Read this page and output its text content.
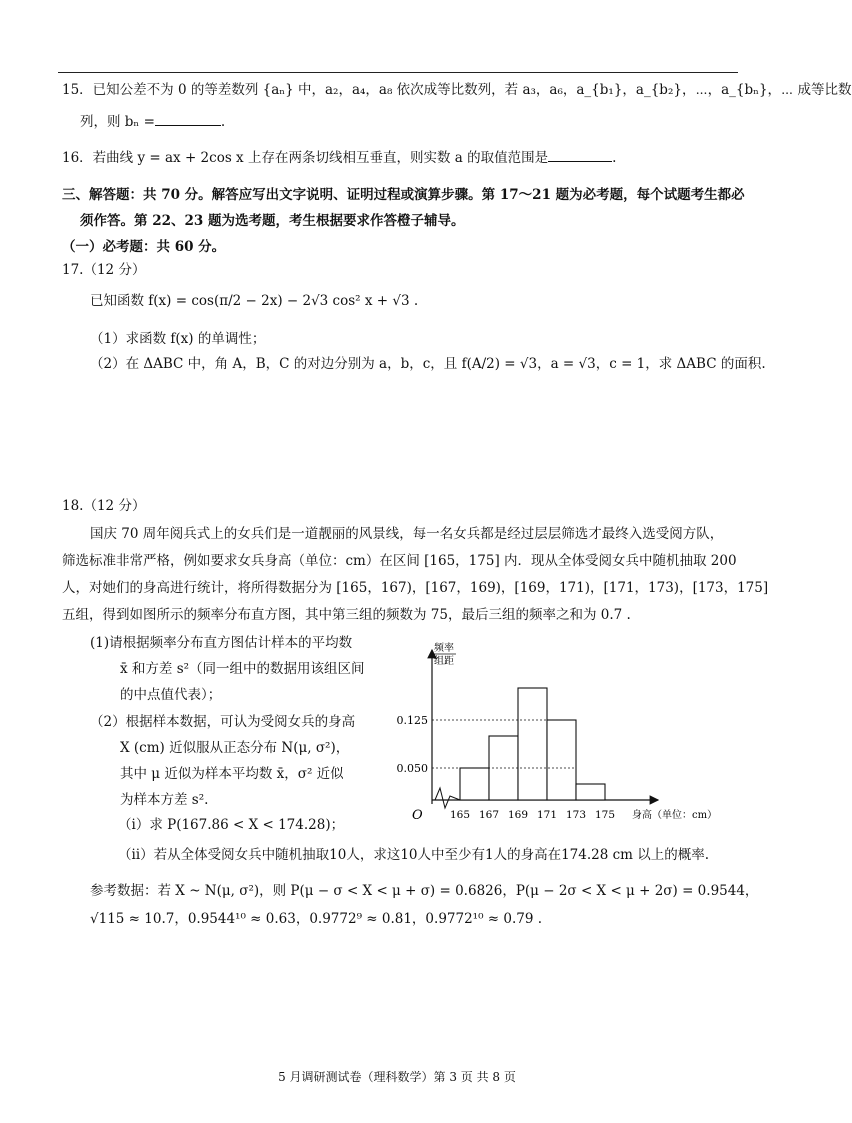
15．已知公差不为 0 的等差数列 {aₙ} 中，a₂，a₄，a₈ 依次成等比数列，若 a₃，a₆，a_{b₁}，a_{b₂}，⋯，a_{bₙ}，⋯ 成等比数
列，则 bₙ =	.
16．若曲线 y = ax + 2cos x 上存在两条切线相互垂直，则实数 a 的取值范围是	.
三、解答题：共 70 分。解答应写出文字说明、证明过程或演算步骤。第 17～21 题为必考题，每个试题考生都必
须作答。第 22、23 题为选考题，考生根据要求作答橙子辅导。
（一）必考题：共 60 分。
17.（12 分）
已知函数 f(x) = cos(π/2 − 2x) − 2√3 cos² x + √3 .
（1）求函数 f(x) 的单调性；
（2）在 ΔABC 中，角 A，B，C 的对边分别为 a，b，c，且 f(A/2) = √3，a = √3，c = 1，求 ΔABC 的面积.
18.（12 分）
国庆 70 周年阅兵式上的女兵们是一道靓丽的风景线，每一名女兵都是经过层层筛选才最终入选受阅方队，
筛选标准非常严格，例如要求女兵身高（单位：cm）在区间 [165，175] 内．现从全体受阅女兵中随机抽取 200
人，对她们的身高进行统计，将所得数据分为 [165，167)，[167，169)，[169，171)，[171，173)，[173，175]
五组，得到如图所示的频率分布直方图，其中第三组的频数为 75，最后三组的频率之和为 0.7 .
(1)请根据频率分布直方图估计样本的平均数
x̄ 和方差 s²（同一组中的数据用该组区间
的中点值代表）；
（2）根据样本数据，可认为受阅女兵的身高
X (cm) 近似服从正态分布 N(μ, σ²)，
其中 μ 近似为样本平均数 x̄，σ² 近似
为样本方差 s².
（ⅰ）求 P(167.86 < X < 174.28)；
（ⅱ）若从全体受阅女兵中随机抽取10人，求这10人中至少有1人的身高在174.28 cm 以上的概率.
参考数据：若 X ~ N(μ, σ²)，则 P(μ − σ < X < μ + σ) = 0.6826，P(μ − 2σ < X < μ + 2σ) = 0.9544，
√115 ≈ 10.7，0.9544¹⁰ ≈ 0.63，0.9772⁹ ≈ 0.81，0.9772¹⁰ ≈ 0.79 .
0.050
0.125
165 167 169 171 173 175
O
频率
组距
身高（单位：cm）
5 月调研测试卷（理科数学）第 3 页 共 8 页
